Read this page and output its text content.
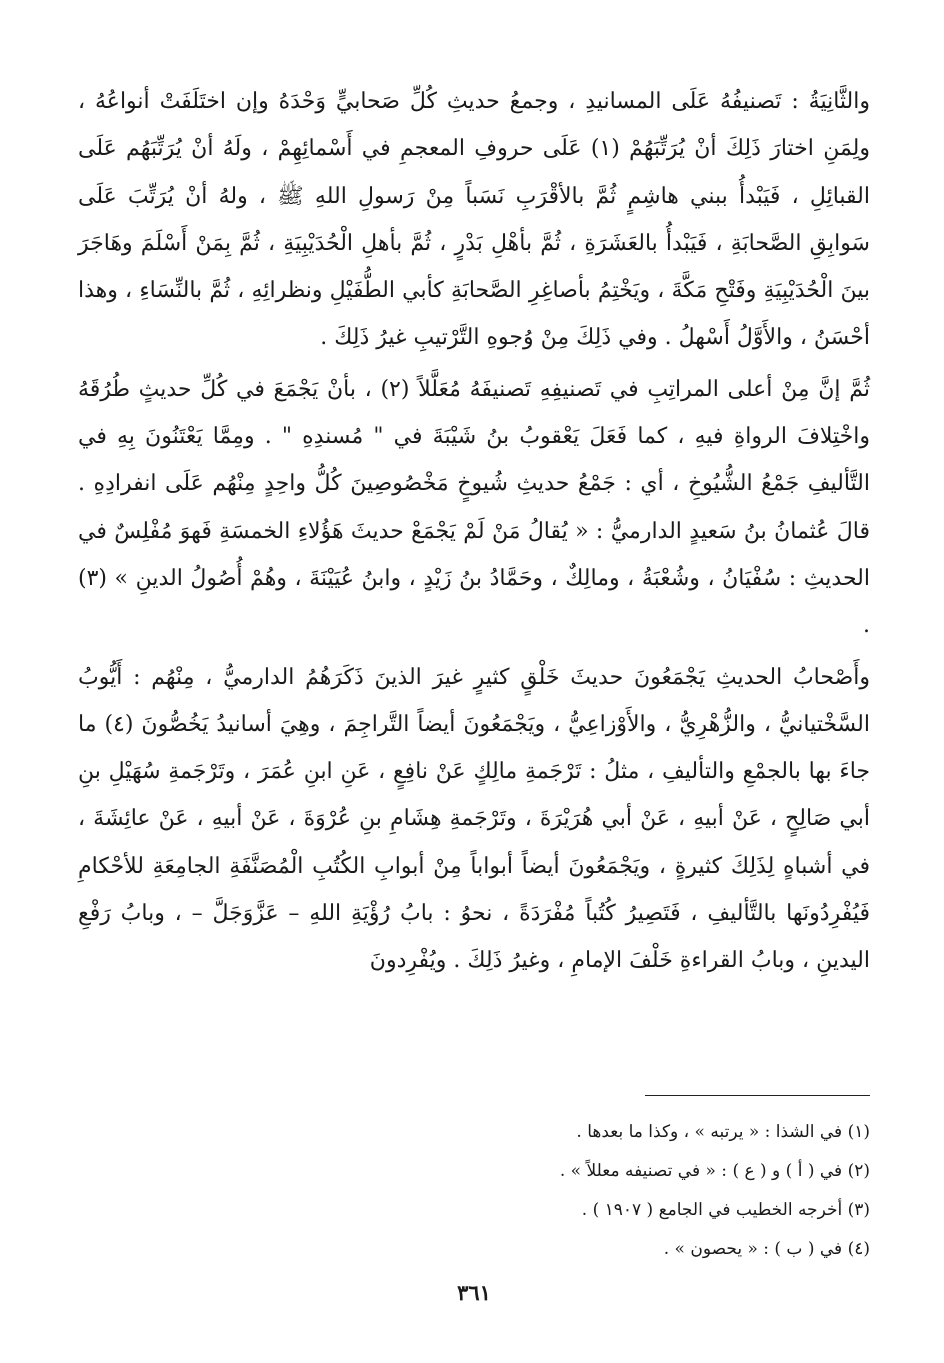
والثَّانِيَةُ : تَصنيفُهُ عَلَى المسانيدِ ، وجمعُ حديثِ كُلِّ صَحابيٍّ وَحْدَهُ وإن اختَلَفَتْ أنواعُهُ ، ولِمَنِ اختارَ ذَلِكَ أنْ يُرَتِّبَهُمْ (١) عَلَى حروفِ المعجمِ في أَسْمائِهِمْ ، ولَهُ أنْ يُرَتِّبَهُم عَلَى القبائِلِ ، فَيَبْدأُ ببني هاشِمٍ ثُمَّ بالأقْرَبِ نَسَباً مِنْ رَسولِ اللهِ ﷺ ، ولهُ أنْ يُرَتِّبَ عَلَى سَوابِقِ الصَّحابَةِ ، فَيَبْدأُ بالعَشَرَةِ ، ثُمَّ بأهْلِ بَدْرٍ ، ثُمَّ بأهلِ الْحُدَيْبِيَةِ ، ثُمَّ بِمَنْ أَسْلَمَ وهَاجَرَ بينَ الْحُدَيْبِيَةِ وفَتْحِ مَكَّةَ ، ويَخْتِمُ بأصاغِرِ الصَّحابَةِ كأبي الطُّفَيْلِ ونظرائِهِ ، ثُمَّ بالنِّسَاءِ ، وهذا أحْسَنُ ، والأَوَّلُ أَسْهلُ . وفي ذَلِكَ مِنْ وُجوهِ التَّرْتيبِ غيرُ ذَلِكَ .

ثُمَّ إنَّ مِنْ أعلى المراتِبِ في تَصنيفِهِ تَصنيفَهُ مُعَلَّلاً (٢) ، بأنْ يَجْمَعَ في كُلِّ حديثٍ طُرُقَهُ واخْتِلافَ الرواةِ فيهِ ، كما فَعَلَ يَعْقوبُ بنُ شَيْبَةَ في " مُسندِهِ " . ومِمَّا يَعْتَنُونَ بِهِ في التَّأليفِ جَمْعُ الشُّيُوخِ ، أي : جَمْعُ حديثِ شُيوخٍ مَخْصُوصِينَ كُلُّ واحِدٍ مِنْهُم عَلَى انفرادِهِ . قالَ عُثمانُ بنُ سَعيدٍ الدارميُّ : « يُقالُ مَنْ لَمْ يَجْمَعْ حديثَ هَؤُلاءِ الخمسَةِ فَهوَ مُفْلِسٌ في الحديثِ : سُفْيَانُ ، وشُعْبَةُ ، ومالِكٌ ، وحَمَّادُ بنُ زَيْدٍ ، وابنُ عُيَيْنَةَ ، وهُمْ أُصُولُ الدينِ » (٣) .

وأَصْحابُ الحديثِ يَجْمَعُونَ حديثَ خَلْقٍ كثيرٍ غيرَ الذينَ ذَكَرَهُمُ الدارميُّ ، مِنْهُم : أَيُّوبُ السَّخْتيانيُّ ، والزُّهْرِيُّ ، والأَوْزاعِيُّ ، ويَجْمَعُونَ أيضاً التَّراجِمَ ، وهِيَ أسانيدُ يَخُصُّونَ (٤) ما جاءَ بها بالجمْعِ والتأليفِ ، مثلُ : تَرْجَمةِ مالِكٍ عَنْ نافِعٍ ، عَنِ ابنِ عُمَرَ ، وتَرْجَمةِ سُهَيْلِ بنِ أبي صَالِحٍ ، عَنْ أبيهِ ، عَنْ أبي هُرَيْرَةَ ، وتَرْجَمةِ هِشَامِ بنِ عُرْوَةَ ، عَنْ أبيهِ ، عَنْ عائِشَةَ ، في أشباهٍ لِذَلِكَ كثيرةٍ ، ويَجْمَعُونَ أيضاً أبواباً مِنْ أبوابِ الكُتُبِ الْمُصَنَّفَةِ الجامِعَةِ للأحْكامِ فَيُفْرِدُونَها بالتَّأليفِ ، فَتَصِيرُ كُتُباً مُفْرَدَةً ، نحوُ : بابُ رُؤْيَةِ اللهِ – عَزَّوَجَلَّ – ، وبابُ رَفْعِ اليدينِ ، وبابُ القراءةِ خَلْفَ الإمامِ ، وغيرُ ذَلِكَ . ويُفْرِدونَ

(١) في الشذا : « يرتبه » ، وكذا ما بعدها .
(٢) في ( أ ) و ( ع ) : « في تصنيفه معللاً » .
(٣) أخرجه الخطيب في الجامع ( ١٩٠٧ ) .
(٤) في ( ب ) : « يحصون » .
٣٦١
